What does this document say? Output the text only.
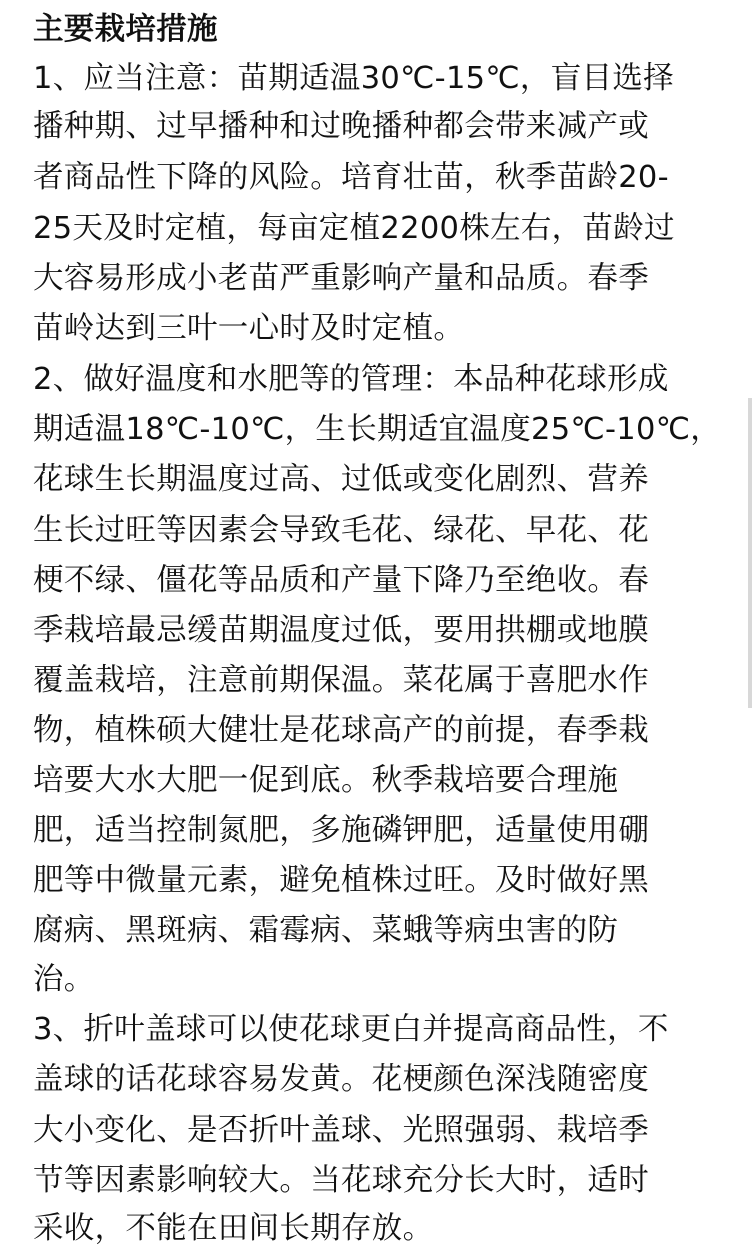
主要栽培措施
1、应当注意：苗期适温30℃-15℃，盲目选择
播种期、过早播种和过晚播种都会带来减产或
者商品性下降的风险。培育壮苗，秋季苗龄20-
25天及时定植，每亩定植2200株左右，苗龄过
大容易形成小老苗严重影响产量和品质。春季
苗岭达到三叶一心时及时定植。
2、做好温度和水肥等的管理：本品种花球形成
期适温18℃-10℃，生长期适宜温度25℃-10℃，
花球生长期温度过高、过低或变化剧烈、营养
生长过旺等因素会导致毛花、绿花、早花、花
梗不绿、僵花等品质和产量下降乃至绝收。春
季栽培最忌缓苗期温度过低，要用拱棚或地膜
覆盖栽培，注意前期保温。菜花属于喜肥水作
物，植株硕大健壮是花球高产的前提，春季栽
培要大水大肥一促到底。秋季栽培要合理施
肥，适当控制氮肥，多施磷钾肥，适量使用硼
肥等中微量元素，避免植株过旺。及时做好黑
腐病、黑斑病、霜霉病、菜蛾等病虫害的防
治。
3、折叶盖球可以使花球更白并提高商品性，不
盖球的话花球容易发黄。花梗颜色深浅随密度
大小变化、是否折叶盖球、光照强弱、栽培季
节等因素影响较大。当花球充分长大时，适时
采收，不能在田间长期存放。
